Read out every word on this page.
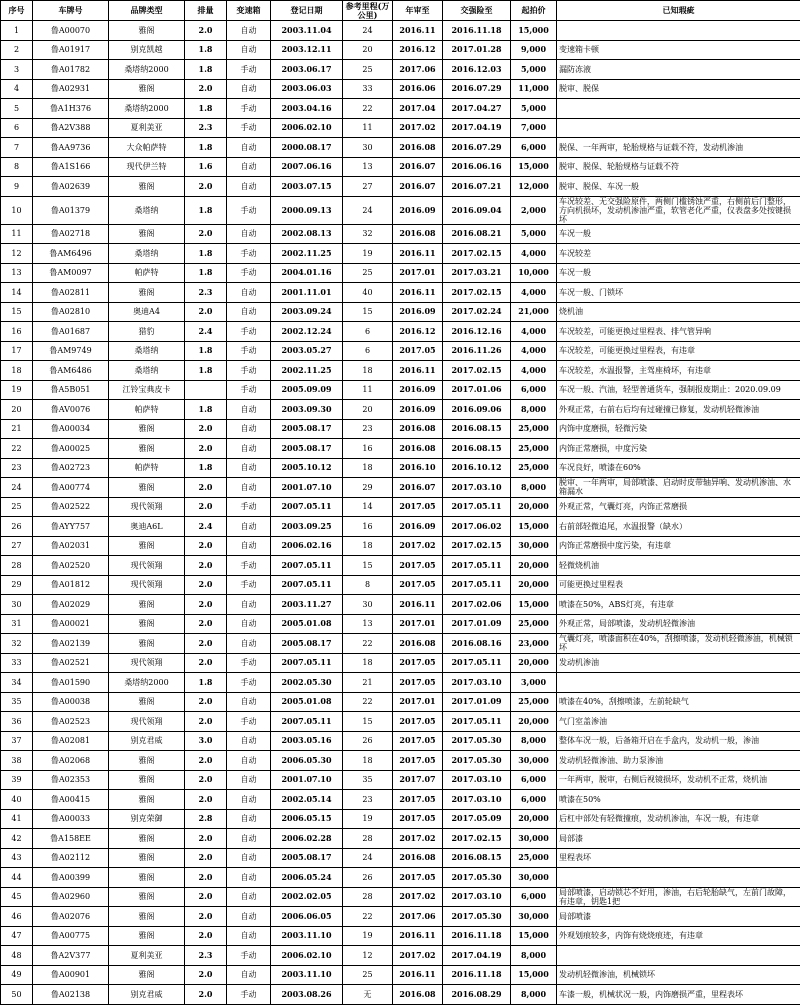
序号	车牌号	品牌类型	排量	变速箱	登记日期	参考里程(万公里)	年审至	交强险至	起拍价	已知瑕疵
1	鲁A00070	雅阁	2.0	自动	2003.11.04	24	2016.11	2016.11.18	15,000	
2	鲁A01917	别克凯越	1.8	自动	2003.12.11	20	2016.12	2017.01.28	9,000	变速箱卡顿
3	鲁A01782	桑塔纳2000	1.8	手动	2003.06.17	25	2017.06	2016.12.03	5,000	漏防冻液
4	鲁A02931	雅阁	2.0	自动	2003.06.03	33	2016.06	2016.07.29	11,000	脱审、脱保
5	鲁A1H376	桑塔纳2000	1.8	手动	2003.04.16	22	2017.04	2017.04.27	5,000	
6	鲁A2V388	夏利美亚	2.3	手动	2006.02.10	11	2017.02	2017.04.19	7,000	
7	鲁AA9736	大众帕萨特	1.8	自动	2000.08.17	30	2016.08	2016.07.29	6,000	脱保、一年两审，轮胎规格与证载不符，发动机渗油
8	鲁A1S166	现代伊兰特	1.6	自动	2007.06.16	13	2016.07	2016.06.16	15,000	脱审、脱保、轮胎规格与证载不符
9	鲁A02639	雅阁	2.0	自动	2003.07.15	27	2016.07	2016.07.21	12,000	脱审、脱保、车况一般
10	鲁A01379	桑塔纳	1.8	手动	2000.09.13	24	2016.09	2016.09.04	2,000	车况较差、无交强险原件，两侧门槛锈蚀严重，右侧前后门整形，方向机损坏，发动机渗油严重，软管老化严重，仪表盘多处按键损坏
11	鲁A02718	雅阁	2.0	自动	2002.08.13	32	2016.08	2016.08.21	5,000	车况一般
12	鲁AM6496	桑塔纳	1.8	手动	2002.11.25	19	2016.11	2017.02.15	4,000	车况较差
13	鲁AM0097	帕萨特	1.8	手动	2004.01.16	25	2017.01	2017.03.21	10,000	车况一般
14	鲁A02811	雅阁	2.3	自动	2001.11.01	40	2016.11	2017.02.15	4,000	车况一般、门锁坏
15	鲁A02810	奥迪A4	2.0	自动	2003.09.24	15	2016.09	2017.02.24	21,000	烧机油
16	鲁A01687	猎豹	2.4	手动	2002.12.24	6	2016.12	2016.12.16	4,000	车况较差，可能更换过里程表、排气管异响
17	鲁AM9749	桑塔纳	1.8	手动	2003.05.27	6	2017.05	2016.11.26	4,000	车况较差，可能更换过里程表，有违章
18	鲁AM6486	桑塔纳	1.8	手动	2002.11.25	18	2016.11	2017.02.15	4,000	车况较差，水温报警，主驾座椅坏，有违章
19	鲁A5B051	江铃宝典皮卡		手动	2005.09.09	11	2016.09	2017.01.06	6,000	车况一般、汽油，轻型普通货车，强制报废期止：2020.09.09
20	鲁AV0076	帕萨特	1.8	自动	2003.09.30	20	2016.09	2016.09.06	8,000	外观正常，右前右后均有过碰撞已修复，发动机轻微渗油
21	鲁A00034	雅阁	2.0	自动	2005.08.17	23	2016.08	2016.08.15	25,000	内饰中度磨损，轻微污染
22	鲁A00025	雅阁	2.0	自动	2005.08.17	16	2016.08	2016.08.15	25,000	内饰正常磨损，中度污染
23	鲁A02723	帕萨特	1.8	自动	2005.10.12	18	2016.10	2016.10.12	25,000	车况良好，喷漆在60%
24	鲁A00774	雅阁	2.0	自动	2001.07.10	29	2016.07	2017.03.10	8,000	脱审、一年两审，局部喷漆、启动时皮带轴异响、发动机渗油、水箱漏水
25	鲁A02522	现代领翔	2.0	手动	2007.05.11	14	2017.05	2017.05.11	20,000	外观正常，气囊灯亮，内饰正常磨损
26	鲁AYY757	奥迪A6L	2.4	自动	2003.09.25	16	2016.09	2017.06.02	15,000	右前部轻微追尾，水温报警（缺水）
27	鲁A02031	雅阁	2.0	自动	2006.02.16	18	2017.02	2017.02.15	30,000	内饰正常磨损中度污染，有违章
28	鲁A02520	现代领翔	2.0	手动	2007.05.11	15	2017.05	2017.05.11	20,000	轻微烧机油
29	鲁A01812	现代领翔	2.0	手动	2007.05.11	8	2017.05	2017.05.11	20,000	可能更换过里程表
30	鲁A02029	雅阁	2.0	自动	2003.11.27	30	2016.11	2017.02.06	15,000	喷漆在50%，ABS灯亮，有违章
31	鲁A00021	雅阁	2.0	自动	2005.01.08	13	2017.01	2017.01.09	25,000	外观正常，局部喷漆，发动机轻微渗油
32	鲁A02139	雅阁	2.0	自动	2005.08.17	22	2016.08	2016.08.16	23,000	气囊灯亮，喷漆面积在40%，刮擦喷漆，发动机轻微渗油，机械锁坏
33	鲁A02521	现代领翔	2.0	手动	2007.05.11	18	2017.05	2017.05.11	20,000	发动机渗油
34	鲁A01590	桑塔纳2000	1.8	手动	2002.05.30	21	2017.05	2017.03.10	3,000	
35	鲁A00038	雅阁	2.0	自动	2005.01.08	22	2017.01	2017.01.09	25,000	喷漆在40%，刮擦喷漆，左前轮缺气
36	鲁A02523	现代领翔	2.0	手动	2007.05.11	15	2017.05	2017.05.11	20,000	气门室盖渗油
37	鲁A02081	别克君威	3.0	自动	2003.05.16	26	2017.05	2017.05.30	8,000	整体车况一般，后备箱开启在手盒内，发动机一般，渗油
38	鲁A02068	雅阁	2.0	自动	2006.05.30	18	2017.05	2017.05.30	30,000	发动机轻微渗油、助力泵渗油
39	鲁A02353	雅阁	2.0	自动	2001.07.10	35	2017.07	2017.03.10	6,000	一年两审，脱审，右侧后视镜损坏，发动机不正常，烧机油
40	鲁A00415	雅阁	2.0	自动	2002.05.14	23	2017.05	2017.03.10	6,000	喷漆在50%
41	鲁A00033	别克荣御	2.8	自动	2006.05.15	19	2017.05	2017.05.09	20,000	后杠中部处有轻微撞痕，发动机渗油，车况一般，有违章
42	鲁A158EE	雅阁	2.0	自动	2006.02.28	28	2017.02	2017.02.15	30,000	局部漆
43	鲁A02112	雅阁	2.0	自动	2005.08.17	24	2016.08	2016.08.15	25,000	里程表坏
44	鲁A00399	雅阁	2.0	自动	2006.05.24	26	2017.05	2017.05.30	30,000	
45	鲁A02960	雅阁	2.0	自动	2002.02.05	28	2017.02	2017.03.10	6,000	局部喷漆，启动锁芯不好用，渗油，右后轮胎缺气，左前门故障，有违章，钥匙1把
46	鲁A02076	雅阁	2.0	自动	2006.06.05	22	2017.06	2017.05.30	30,000	局部喷漆
47	鲁A00775	雅阁	2.0	自动	2003.11.10	19	2016.11	2016.11.18	15,000	外观划痕较多，内饰有烧烧痕迹，有违章
48	鲁A2V377	夏利美亚	2.3	手动	2006.02.10	12	2017.02	2017.04.19	8,000	
49	鲁A00901	雅阁	2.0	自动	2003.11.10	25	2016.11	2016.11.18	15,000	发动机轻微渗油，机械锁坏
50	鲁A02138	别克君威	2.0	手动	2003.08.26	无	2016.08	2016.08.29	8,000	车漆一般，机械状况一般，内饰磨损严重，里程表坏
